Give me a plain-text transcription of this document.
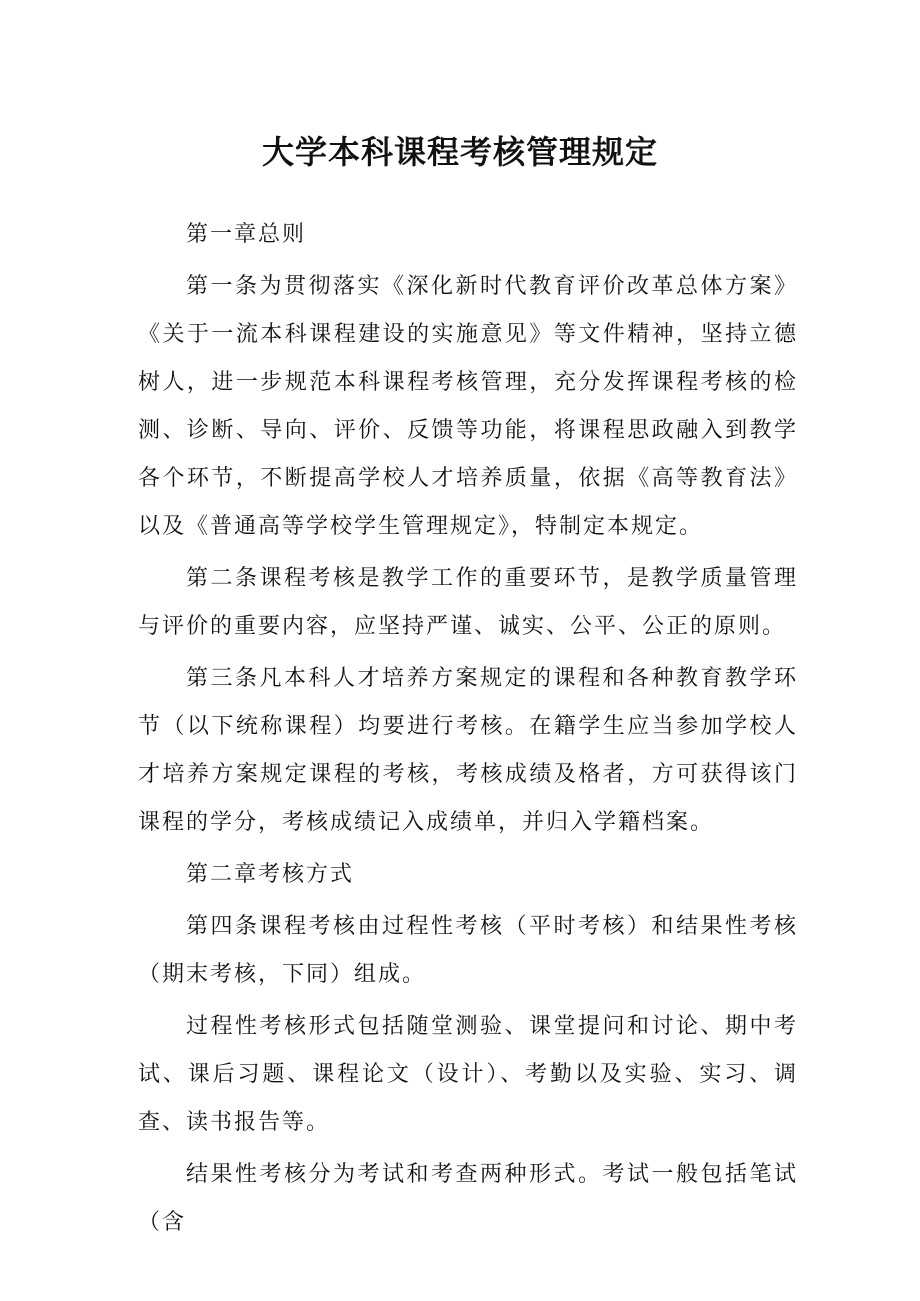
大学本科课程考核管理规定

第一章总则

第一条为贯彻落实《深化新时代教育评价改革总体方案》《关于一流本科课程建设的实施意见》等文件精神，坚持立德树人，进一步规范本科课程考核管理，充分发挥课程考核的检测、诊断、导向、评价、反馈等功能，将课程思政融入到教学各个环节，不断提高学校人才培养质量，依据《高等教育法》以及《普通高等学校学生管理规定》，特制定本规定。

第二条课程考核是教学工作的重要环节，是教学质量管理与评价的重要内容，应坚持严谨、诚实、公平、公正的原则。

第三条凡本科人才培养方案规定的课程和各种教育教学环节（以下统称课程）均要进行考核。在籍学生应当参加学校人才培养方案规定课程的考核，考核成绩及格者，方可获得该门课程的学分，考核成绩记入成绩单，并归入学籍档案。

第二章考核方式

第四条课程考核由过程性考核（平时考核）和结果性考核（期末考核，下同）组成。

过程性考核形式包括随堂测验、课堂提问和讨论、期中考试、课后习题、课程论文（设计）、考勤以及实验、实习、调查、读书报告等。

结果性考核分为考试和考查两种形式。考试一般包括笔试（含
